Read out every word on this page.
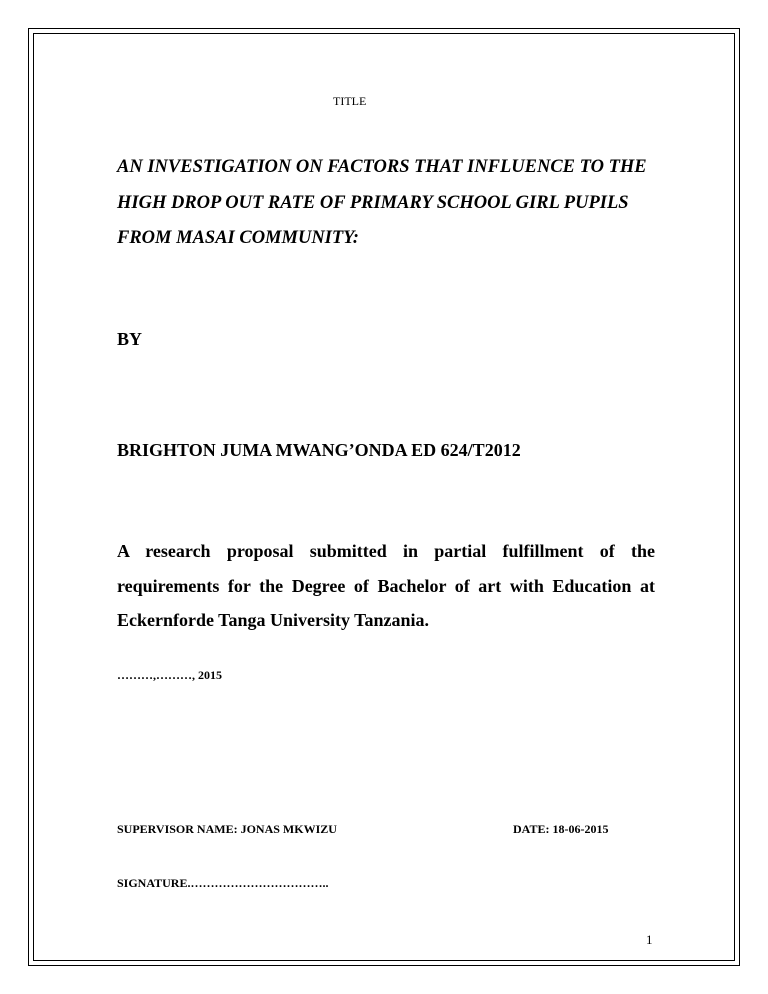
TITLE

AN INVESTIGATION ON FACTORS THAT INFLUENCE TO THE HIGH DROP OUT RATE OF PRIMARY SCHOOL GIRL PUPILS FROM MASAI COMMUNITY:

BY

BRIGHTON JUMA MWANG’ONDA ED 624/T2012

A research proposal submitted in partial fulfillment of the requirements for the Degree of Bachelor of art with Education at Eckernforde Tanga University Tanzania.

………,………, 2015

SUPERVISOR NAME: JONAS MKWIZU	DATE: 18-06-2015

SIGNATURE.……………………………..

1
